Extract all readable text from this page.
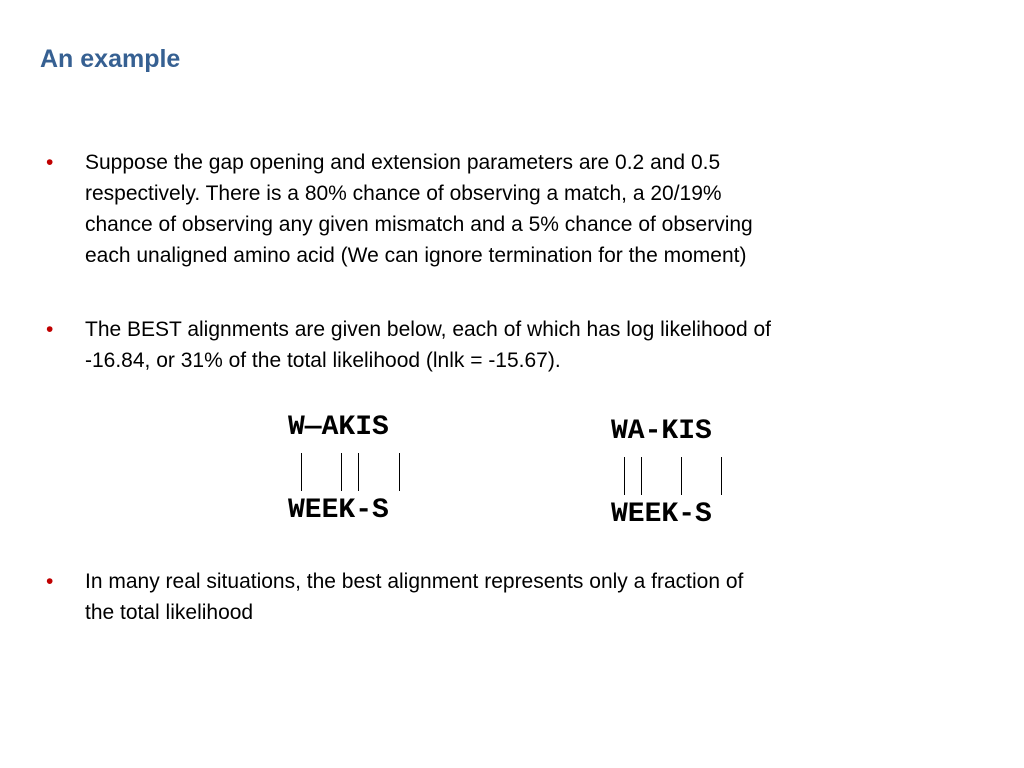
An example
• Suppose the gap opening and extension parameters are 0.2 and 0.5
respectively. There is a 80% chance of observing a match, a 20/19%
chance of observing any given mismatch and a 5% chance of observing
each unaligned amino acid (We can ignore termination for the moment)
• The BEST alignments are given below, each of which has log likelihood of
-16.84, or 31% of the total likelihood (lnlk = -15.67).
W—AKIS
WEEK-S
WA-KIS
WEEK-S
• In many real situations, the best alignment represents only a fraction of
the total likelihood
